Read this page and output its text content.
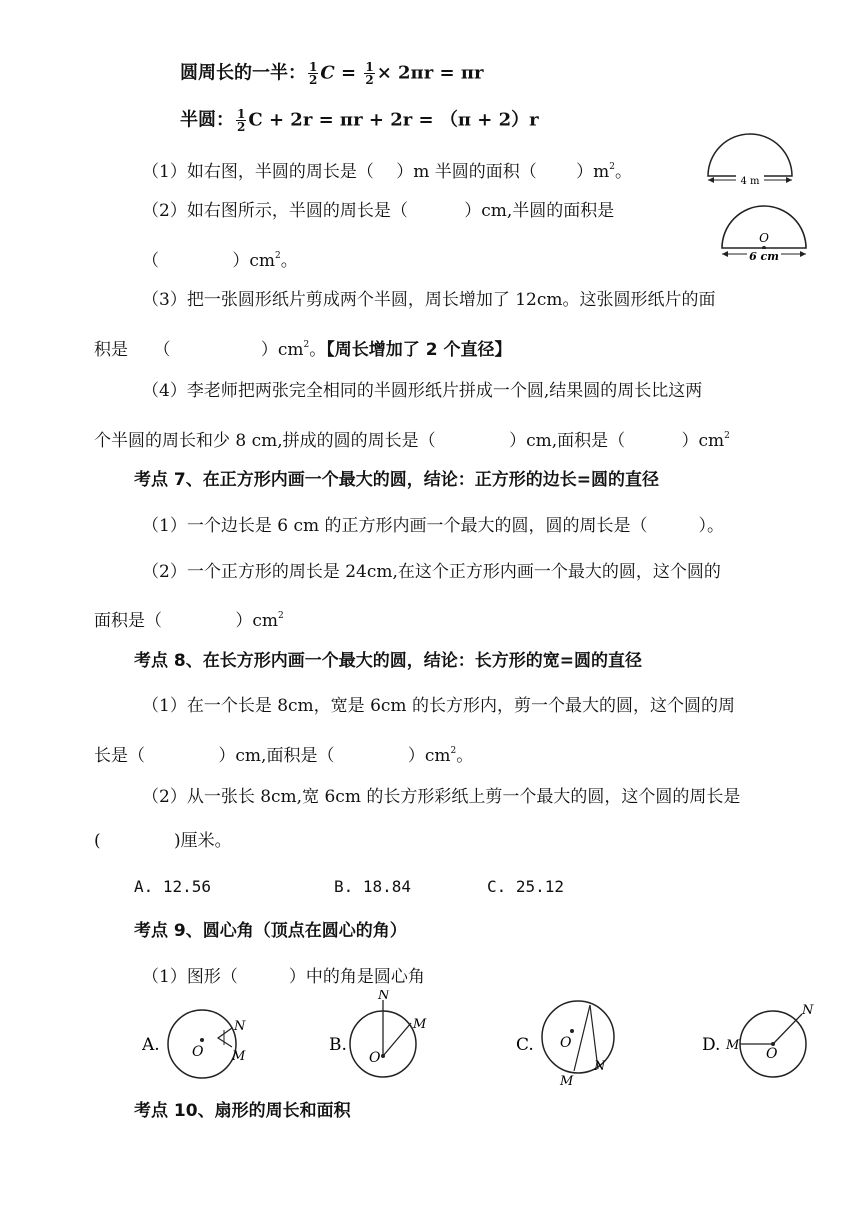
圆周长的一半： $\frac{1}{2}$ $C = \frac{1}{2} \times 2\pi r = \pi r$
半圆： $\frac{1}{2}$ C + 2r = πr + 2r = （π + 2）r
4 m
O
6 cm
（1）如右图，半圆的周长是（　 ）m 半圆的面积（　　 ）$m^2$。
（2）如右图所示，半圆的周长是（　　　 ）cm,半圆的面积是
（　　　　 ）$cm^2$。
（3）把一张圆形纸片剪成两个半圆，周长增加了 12cm。这张圆形纸片的面
积是　　（　　　　　 ）$cm^2$。【周长增加了 2 个直径】
（4）李老师把两张完全相同的半圆形纸片拼成一个圆,结果圆的周长比这两
个半圆的周长和少 8 cm,拼成的圆的周长是（　　　　 ）cm,面积是（　　　 ）$cm^2$
考点 7、在正方形内画一个最大的圆，结论：正方形的边长=圆的直径
（1）一个边长是 6 cm 的正方形内画一个最大的圆，圆的周长是（　　　）。
（2）一个正方形的周长是 24cm,在这个正方形内画一个最大的圆，这个圆的
面积是（　　　　 ）$cm^2$
考点 8、在长方形内画一个最大的圆，结论：长方形的宽=圆的直径
（1）在一个长是 8cm，宽是 6cm 的长方形内，剪一个最大的圆，这个圆的周
长是（　　　　 ）cm,面积是（　　　　 ）$cm^2$。
（2）从一张长 8cm,宽 6cm 的长方形彩纸上剪一个最大的圆，这个圆的周长是
(　　　　 )厘米。
A. 12.56	B. 18.84	C. 25.12
考点 9、圆心角（顶点在圆心的角）
（1）图形（　　　）中的角是圆心角
A. O
N
M
B.
O
N
M
C. O
M
N
D.	O
M
N
考点 10、扇形的周长和面积
